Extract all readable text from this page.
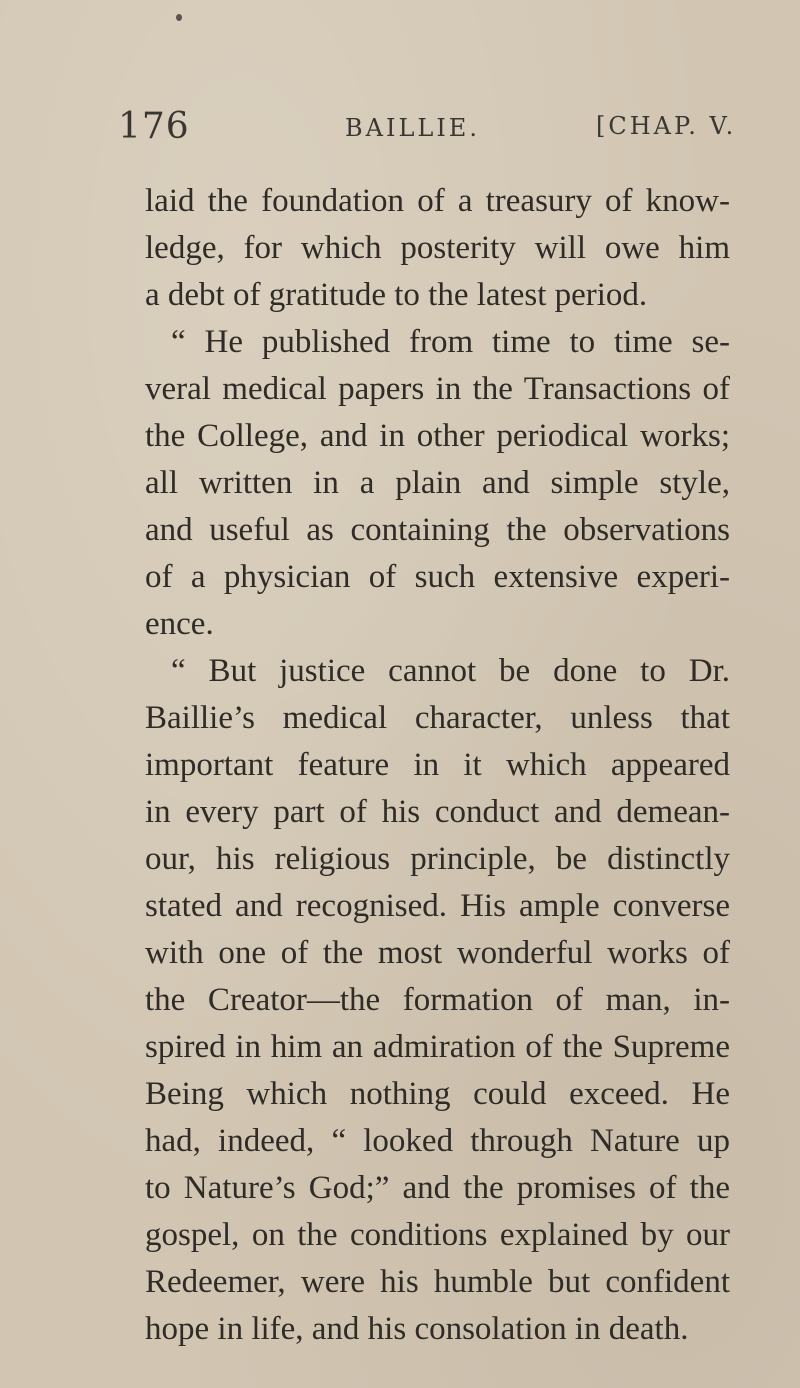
176	BAILLIE.	[CHAP. V.
laid the foundation of a treasury of know-
ledge, for which posterity will owe him
a debt of gratitude to the latest period.
“ He published from time to time se-
veral medical papers in the Transactions of
the College, and in other periodical works;
all written in a plain and simple style,
and useful as containing the observations
of a physician of such extensive experi-
ence.
“ But justice cannot be done to Dr.
Baillie’s medical character, unless that
important feature in it which appeared
in every part of his conduct and demean-
our, his religious principle, be distinctly
stated and recognised. His ample converse
with one of the most wonderful works of
the Creator—the formation of man, in-
spired in him an admiration of the Supreme
Being which nothing could exceed. He
had, indeed, “ looked through Nature up
to Nature’s God;” and the promises of the
gospel, on the conditions explained by our
Redeemer, were his humble but confident
hope in life, and his consolation in death.
